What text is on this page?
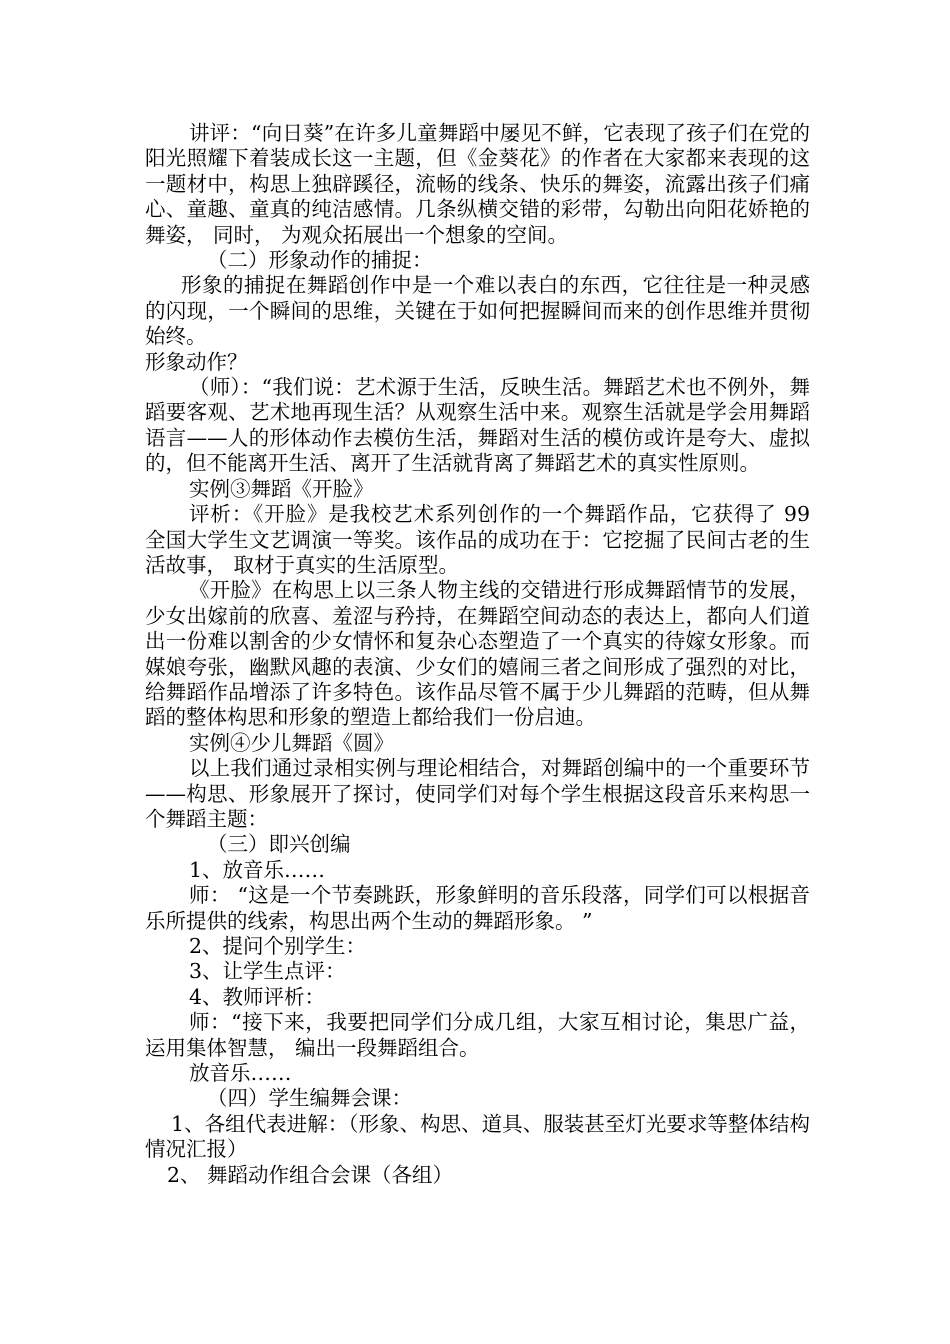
讲评：“向日葵”在许多儿童舞蹈中屡见不鲜，它表现了孩子们在党的阳光照耀下着装成长这一主题，但《金葵花》的作者在大家都来表现的这一题材中，构思上独辟蹊径，流畅的线条、快乐的舞姿，流露出孩子们痛心、童趣、童真的纯洁感情。几条纵横交错的彩带，勾勒出向阳花娇艳的舞姿， 同时， 为观众拓展出一个想象的空间。

（二）形象动作的捕捉：

形象的捕捉在舞蹈创作中是一个难以表白的东西，它往往是一种灵感的闪现，一个瞬间的思维，关键在于如何把握瞬间而来的创作思维并贯彻始终。

形象动作？

（师）：“我们说：艺术源于生活，反映生活。舞蹈艺术也不例外，舞蹈要客观、艺术地再现生活？从观察生活中来。观察生活就是学会用舞蹈语言——人的形体动作去模仿生活，舞蹈对生活的模仿或许是夸大、虚拟的，但不能离开生活、离开了生活就背离了舞蹈艺术的真实性原则。

实例③舞蹈《开脸》

评析：《开脸》是我校艺术系列创作的一个舞蹈作品，它获得了 99 全国大学生文艺调演一等奖。该作品的成功在于：它挖掘了民间古老的生活故事， 取材于真实的生活原型。

《开脸》在构思上以三条人物主线的交错进行形成舞蹈情节的发展，少女出嫁前的欣喜、羞涩与矜持，在舞蹈空间动态的表达上，都向人们道出一份难以割舍的少女情怀和复杂心态塑造了一个真实的待嫁女形象。而媒娘夸张，幽默风趣的表演、少女们的嬉闹三者之间形成了强烈的对比，给舞蹈作品增添了许多特色。该作品尽管不属于少儿舞蹈的范畴，但从舞蹈的整体构思和形象的塑造上都给我们一份启迪。

实例④少儿舞蹈《圆》

以上我们通过录相实例与理论相结合，对舞蹈创编中的一个重要环节——构思、形象展开了探讨，使同学们对每个学生根据这段音乐来构思一个舞蹈主题：

（三）即兴创编

1、放音乐……

师： “这是一个节奏跳跃，形象鲜明的音乐段落，同学们可以根据音乐所提供的线索，构思出两个生动的舞蹈形象。 ”

2、提问个别学生：

3、让学生点评：

4、教师评析：

师：“接下来，我要把同学们分成几组，大家互相讨论，集思广益，运用集体智慧， 编出一段舞蹈组合。

放音乐……

（四）学生编舞会课：

1、各组代表进解：（形象、构思、道具、服装甚至灯光要求等整体结构情况汇报）

2、 舞蹈动作组合会课（各组）
